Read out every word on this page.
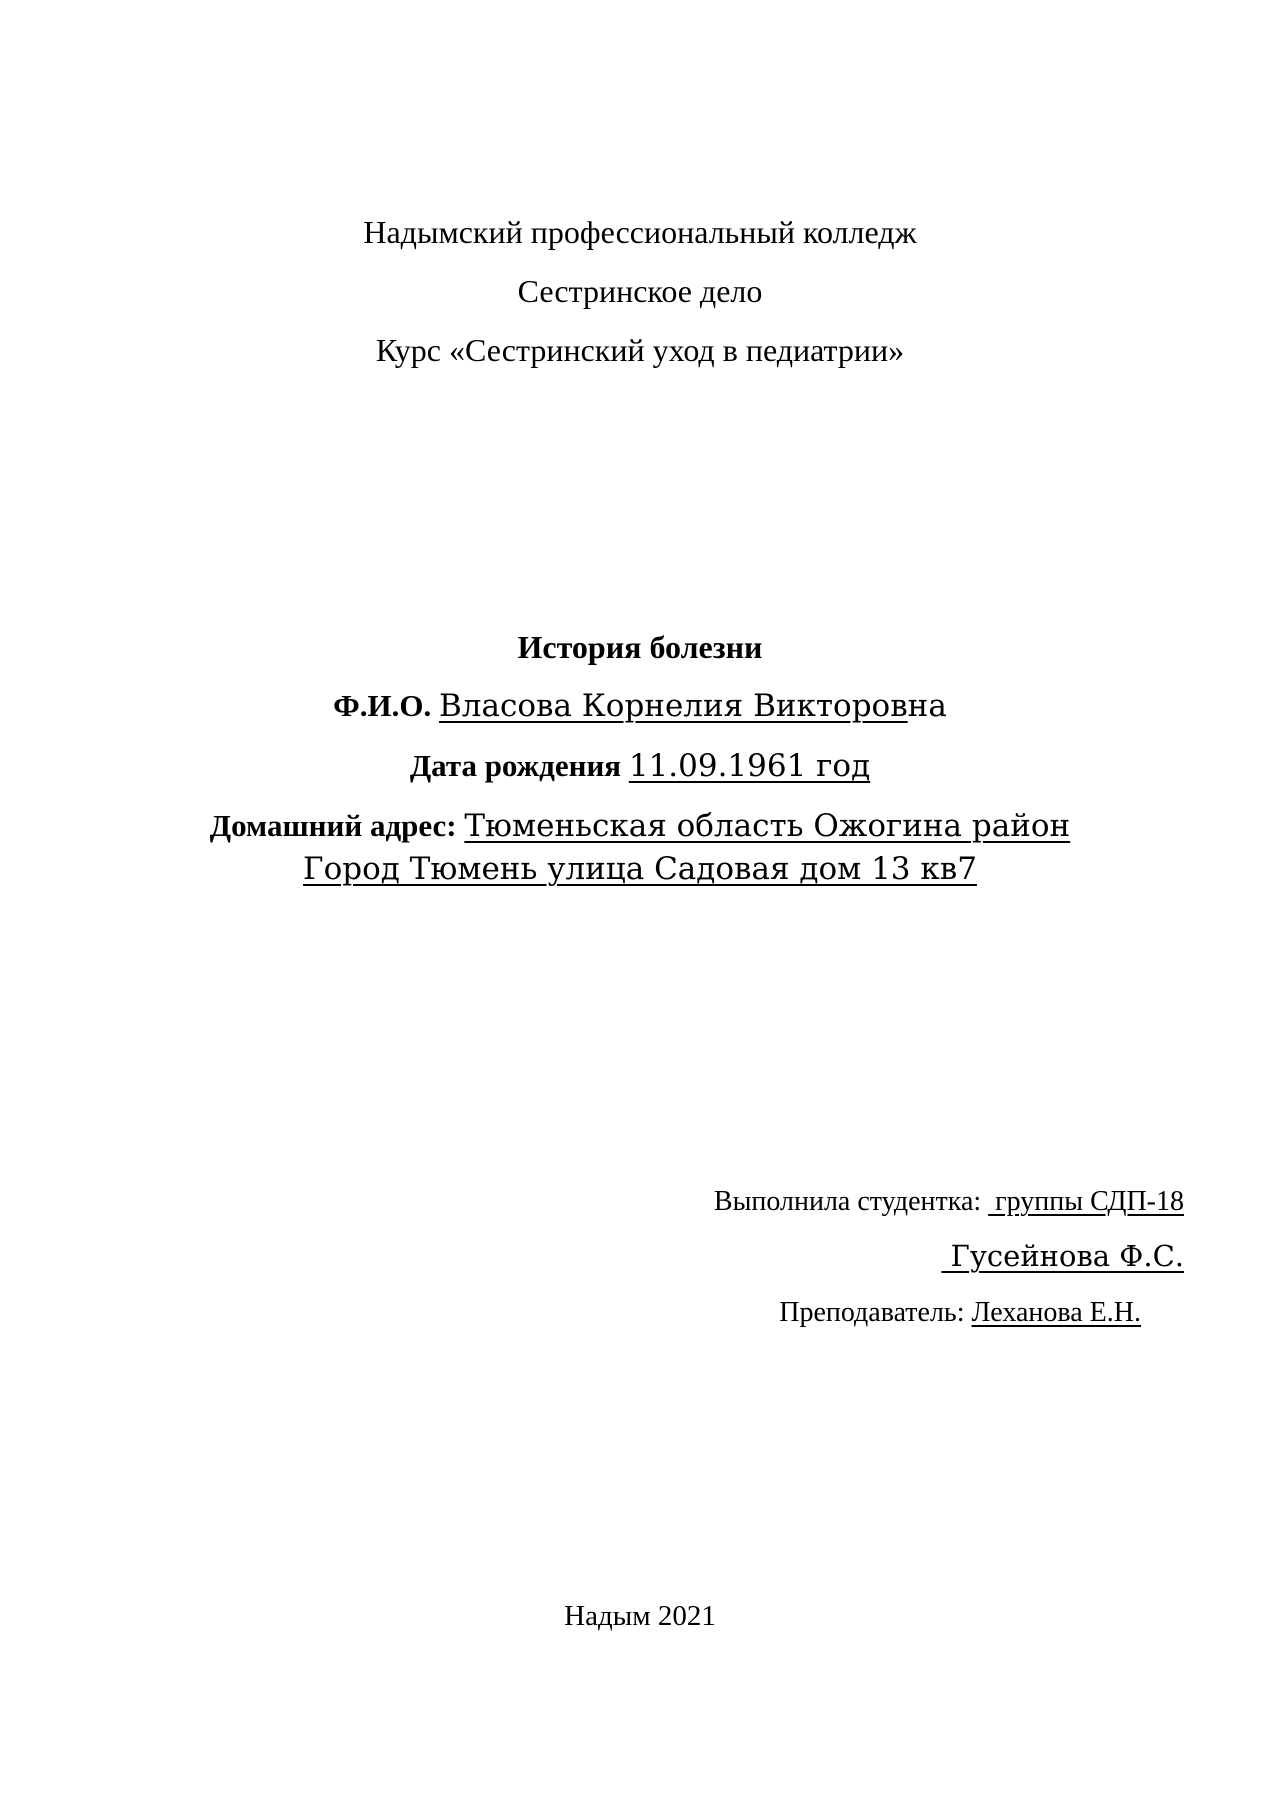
Надымский профессиональный колледж
Сестринское дело
Курс «Сестринский уход в педиатрии»
История болезни
Ф.И.О. Власова Корнелия Викторовна
Дата рождения 11.09.1961 год
Домашний адрес: Тюменьская область Ожогина район
Город Тюмень улица Садовая дом 13 кв7
Выполнила студентка:  группы СДП-18
Гусейнова Ф.С.
Преподаватель: Леханова Е.Н.
Надым 2021
